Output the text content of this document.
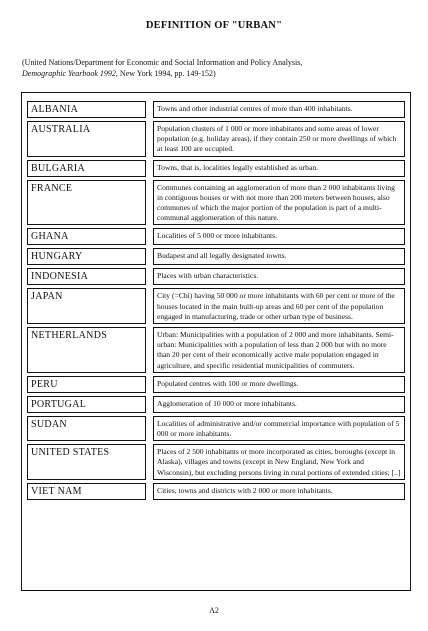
DEFINITION OF "URBAN"
(United Nations/Department for Economic and Social Information and Policy Analysis,
Demographic Yearbook 1992, New York 1994, pp. 149-152)
ALBANIA		Towns and other industrial centres of more than 400 inhabitants.
AUSTRALIA		Population clusters of 1 000 or more inhabitants and some areas of lower population (e.g. holiday areas), if they contain 250 or more dwellings of which at least 100 are occupied.
BULGARIA		Towns, that is, localities legally established as urban.
FRANCE		Communes containing an agglomeration of more than 2 000 inhabitants living in contiguous houses or with not more than 200 meters between houses, also communes of which the major portion of the population is part of a multi-communal agglomeration of this nature.
GHANA		Localities of 5 000 or more inhabitants.
HUNGARY		Budapest and all legally designated towns.
INDONESIA		Places with urban characteristics.
JAPAN		City (=Chi) having 50 000 or more inhabitants with 60 per cent or more of the houses located in the main built-up areas and 60 per cent of the population engaged in manufacturing, trade or other urban type of business.
NETHERLANDS		Urban: Municipalities with a population of 2 000 and more inhabitants. Semi-urban: Municipalities with a population of less than 2 000 but with no more than 20 per cent of their economically active male population engaged in agriculture, and specific residential municipalities of commuters.
PERU		Populated centres with 100 or more dwellings.
PORTUGAL		Agglomeration of 10 000 or more inhabitants.
SUDAN		Localities of administrative and/or commercial importance with population of 5 000 or more inhabitants.
UNITED STATES		Places of 2 500 inhabitants or more incorporated as cities, boroughs (except in Alaska), villages and towns (except in New England, New York and Wisconsin), but excluding persons living in rural portions of extended cities; [..]
VIET NAM		Cities, towns and districts with 2 000 or more inhabitants.
A2
